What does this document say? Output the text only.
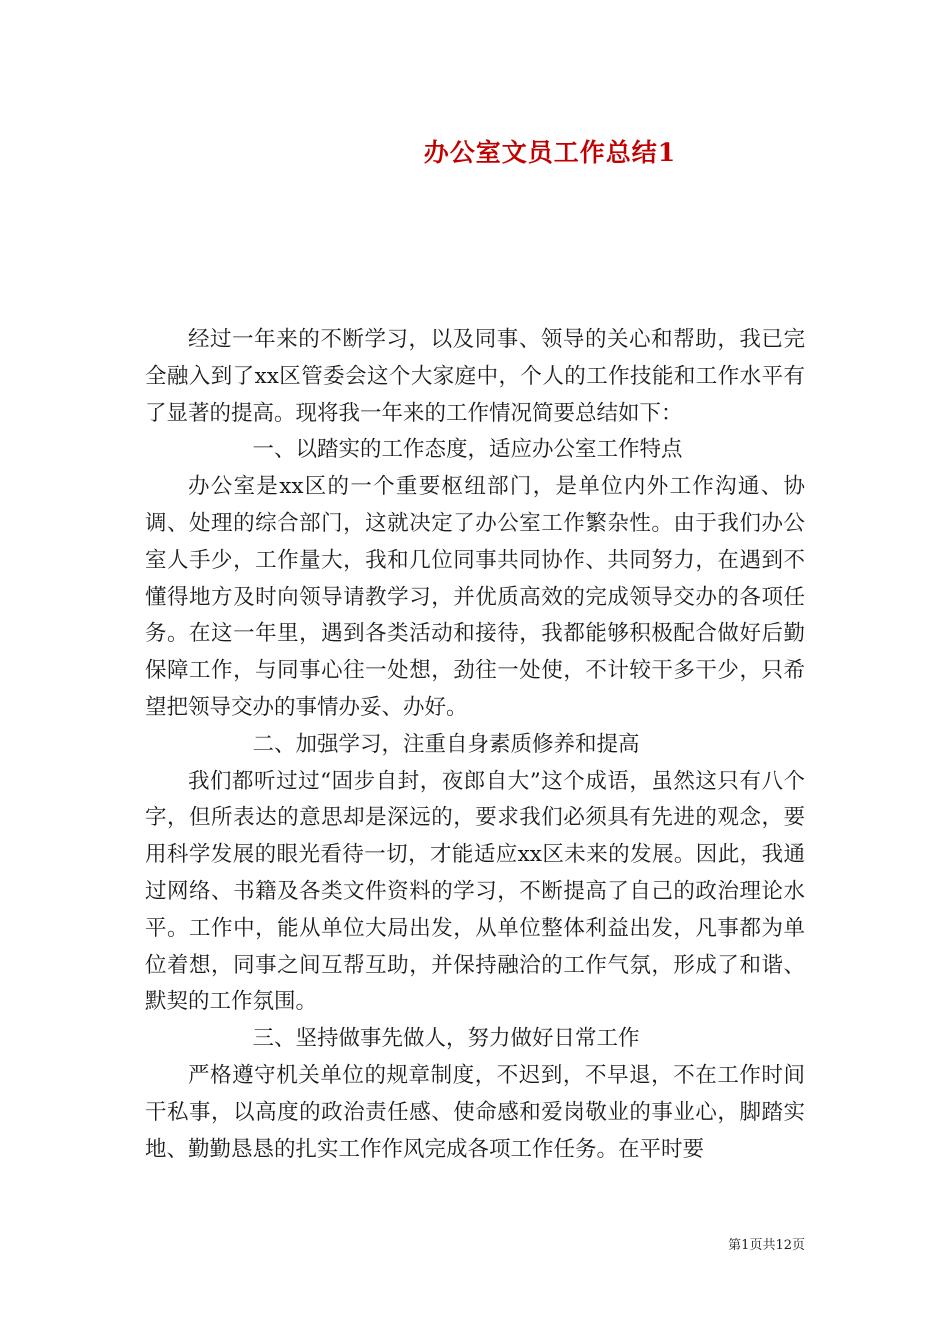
办公室文员工作总结1

经过一年来的不断学习，以及同事、领导的关心和帮助，我已完全融入到了xx区管委会这个大家庭中，个人的工作技能和工作水平有了显著的提高。现将我一年来的工作情况简要总结如下：

一、以踏实的工作态度，适应办公室工作特点

办公室是xx区的一个重要枢纽部门，是单位内外工作沟通、协调、处理的综合部门，这就决定了办公室工作繁杂性。由于我们办公室人手少，工作量大，我和几位同事共同协作、共同努力，在遇到不懂得地方及时向领导请教学习，并优质高效的完成领导交办的各项任务。在这一年里，遇到各类活动和接待，我都能够积极配合做好后勤保障工作，与同事心往一处想，劲往一处使，不计较干多干少，只希望把领导交办的事情办妥、办好。

二、加强学习，注重自身素质修养和提高

我们都听过过“固步自封，夜郎自大”这个成语，虽然这只有八个字，但所表达的意思却是深远的，要求我们必须具有先进的观念，要用科学发展的眼光看待一切，才能适应xx区未来的发展。因此，我通过网络、书籍及各类文件资料的学习，不断提高了自己的政治理论水平。工作中，能从单位大局出发，从单位整体利益出发，凡事都为单位着想，同事之间互帮互助，并保持融洽的工作气氛，形成了和谐、默契的工作氛围。

三、坚持做事先做人，努力做好日常工作

严格遵守机关单位的规章制度，不迟到，不早退，不在工作时间干私事，以高度的政治责任感、使命感和爱岗敬业的事业心，脚踏实地、勤勤恳恳的扎实工作作风完成各项工作任务。在平时要

第1页共12页
